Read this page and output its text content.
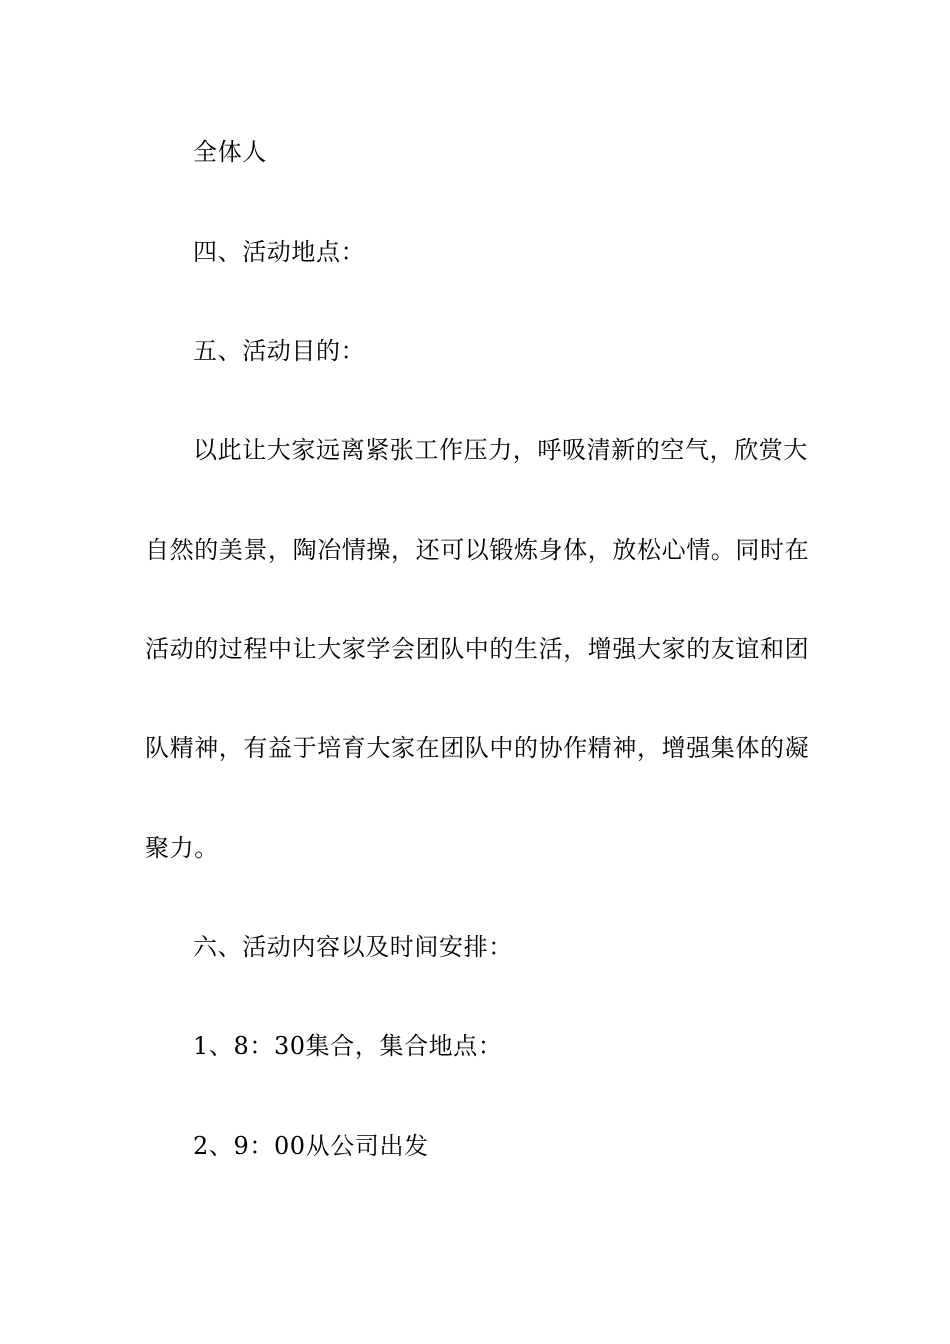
全体人
四、活动地点：
五、活动目的：
以此让大家远离紧张工作压力，呼吸清新的空气，欣赏大
自然的美景，陶冶情操，还可以锻炼身体，放松心情。同时在
活动的过程中让大家学会团队中的生活，增强大家的友谊和团
队精神，有益于培育大家在团队中的协作精神，增强集体的凝
聚力。
六、活动内容以及时间安排：
1、8：30集合，集合地点：
2、9：00从公司出发
